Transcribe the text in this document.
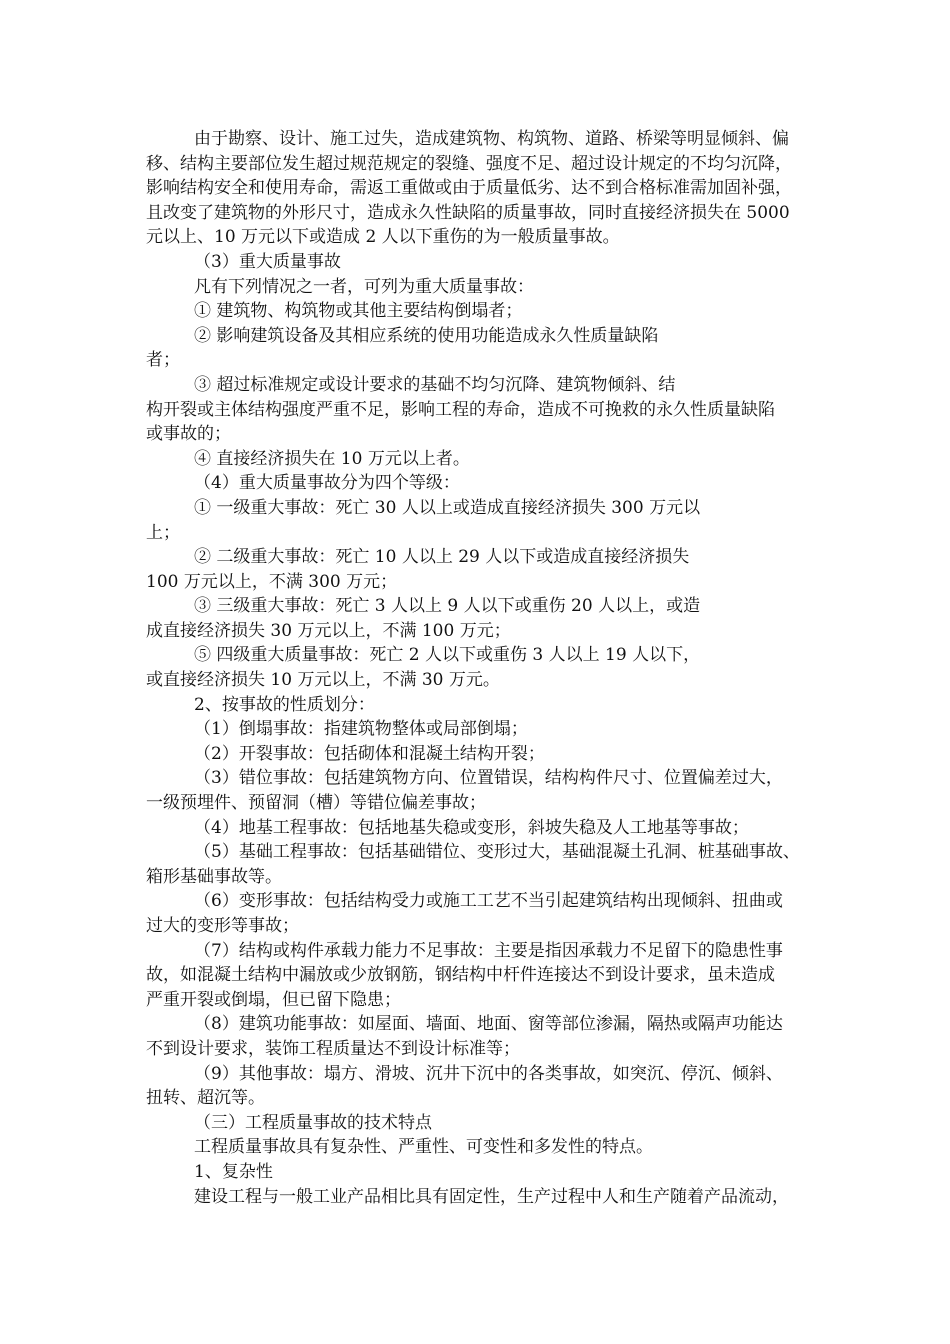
由于勘察、设计、施工过失，造成建筑物、构筑物、道路、桥梁等明显倾斜、偏
移、结构主要部位发生超过规范规定的裂缝、强度不足、超过设计规定的不均匀沉降，
影响结构安全和使用寿命，需返工重做或由于质量低劣、达不到合格标准需加固补强，
且改变了建筑物的外形尺寸，造成永久性缺陷的质量事故，同时直接经济损失在 5000
元以上、10 万元以下或造成 2 人以下重伤的为一般质量事故。
（3）重大质量事故
凡有下列情况之一者，可列为重大质量事故：
① 建筑物、构筑物或其他主要结构倒塌者；
② 影响建筑设备及其相应系统的使用功能造成永久性质量缺陷
者；
③ 超过标准规定或设计要求的基础不均匀沉降、建筑物倾斜、结
构开裂或主体结构强度严重不足，影响工程的寿命，造成不可挽救的永久性质量缺陷
或事故的；
④ 直接经济损失在 10 万元以上者。
（4）重大质量事故分为四个等级：
① 一级重大事故：死亡 30 人以上或造成直接经济损失 300 万元以
上；
② 二级重大事故：死亡 10 人以上 29 人以下或造成直接经济损失
100 万元以上，不满 300 万元；
③ 三级重大事故：死亡 3 人以上 9 人以下或重伤 20 人以上，或造
成直接经济损失 30 万元以上，不满 100 万元；
⑤ 四级重大质量事故：死亡 2 人以下或重伤 3 人以上 19 人以下，
或直接经济损失 10 万元以上，不满 30 万元。
2、按事故的性质划分：
（1）倒塌事故：指建筑物整体或局部倒塌；
（2）开裂事故：包括砌体和混凝土结构开裂；
（3）错位事故：包括建筑物方向、位置错误，结构构件尺寸、位置偏差过大，
一级预埋件、预留洞（槽）等错位偏差事故；
（4）地基工程事故：包括地基失稳或变形，斜坡失稳及人工地基等事故；
（5）基础工程事故：包括基础错位、变形过大，基础混凝土孔洞、桩基础事故、
箱形基础事故等。
（6）变形事故：包括结构受力或施工工艺不当引起建筑结构出现倾斜、扭曲或
过大的变形等事故；
（7）结构或构件承载力能力不足事故：主要是指因承载力不足留下的隐患性事
故，如混凝土结构中漏放或少放钢筋，钢结构中杆件连接达不到设计要求，虽未造成
严重开裂或倒塌，但已留下隐患；
（8）建筑功能事故：如屋面、墙面、地面、窗等部位渗漏，隔热或隔声功能达
不到设计要求，装饰工程质量达不到设计标准等；
（9）其他事故：塌方、滑坡、沉井下沉中的各类事故，如突沉、停沉、倾斜、
扭转、超沉等。
（三）工程质量事故的技术特点
工程质量事故具有复杂性、严重性、可变性和多发性的特点。
1、复杂性
建设工程与一般工业产品相比具有固定性，生产过程中人和生产随着产品流动，
